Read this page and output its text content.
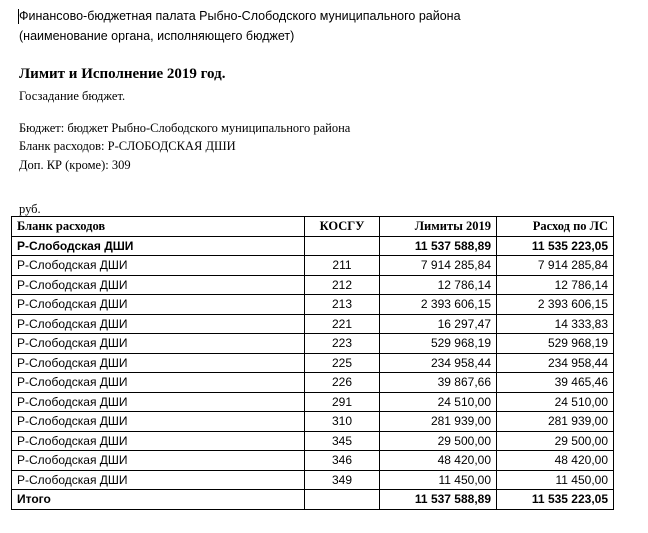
Финансово-бюджетная палата Рыбно-Слободского муниципального района
(наименование органа, исполняющего бюджет)
Лимит и Исполнение 2019 год.
Госзадание бюджет.
Бюджет: бюджет Рыбно-Слободского муниципального района
Бланк расходов: Р-СЛОБОДСКАЯ ДШИ
Доп. КР (кроме): 309
руб.
Бланк расходов	КОСГУ	Лимиты 2019	Расход по ЛС
Р-Слободская ДШИ		11 537 588,89	11 535 223,05
Р-Слободская ДШИ	211	7 914 285,84	7 914 285,84
Р-Слободская ДШИ	212	12 786,14	12 786,14
Р-Слободская ДШИ	213	2 393 606,15	2 393 606,15
Р-Слободская ДШИ	221	16 297,47	14 333,83
Р-Слободская ДШИ	223	529 968,19	529 968,19
Р-Слободская ДШИ	225	234 958,44	234 958,44
Р-Слободская ДШИ	226	39 867,66	39 465,46
Р-Слободская ДШИ	291	24 510,00	24 510,00
Р-Слободская ДШИ	310	281 939,00	281 939,00
Р-Слободская ДШИ	345	29 500,00	29 500,00
Р-Слободская ДШИ	346	48 420,00	48 420,00
Р-Слободская ДШИ	349	11 450,00	11 450,00
Итого		11 537 588,89	11 535 223,05
